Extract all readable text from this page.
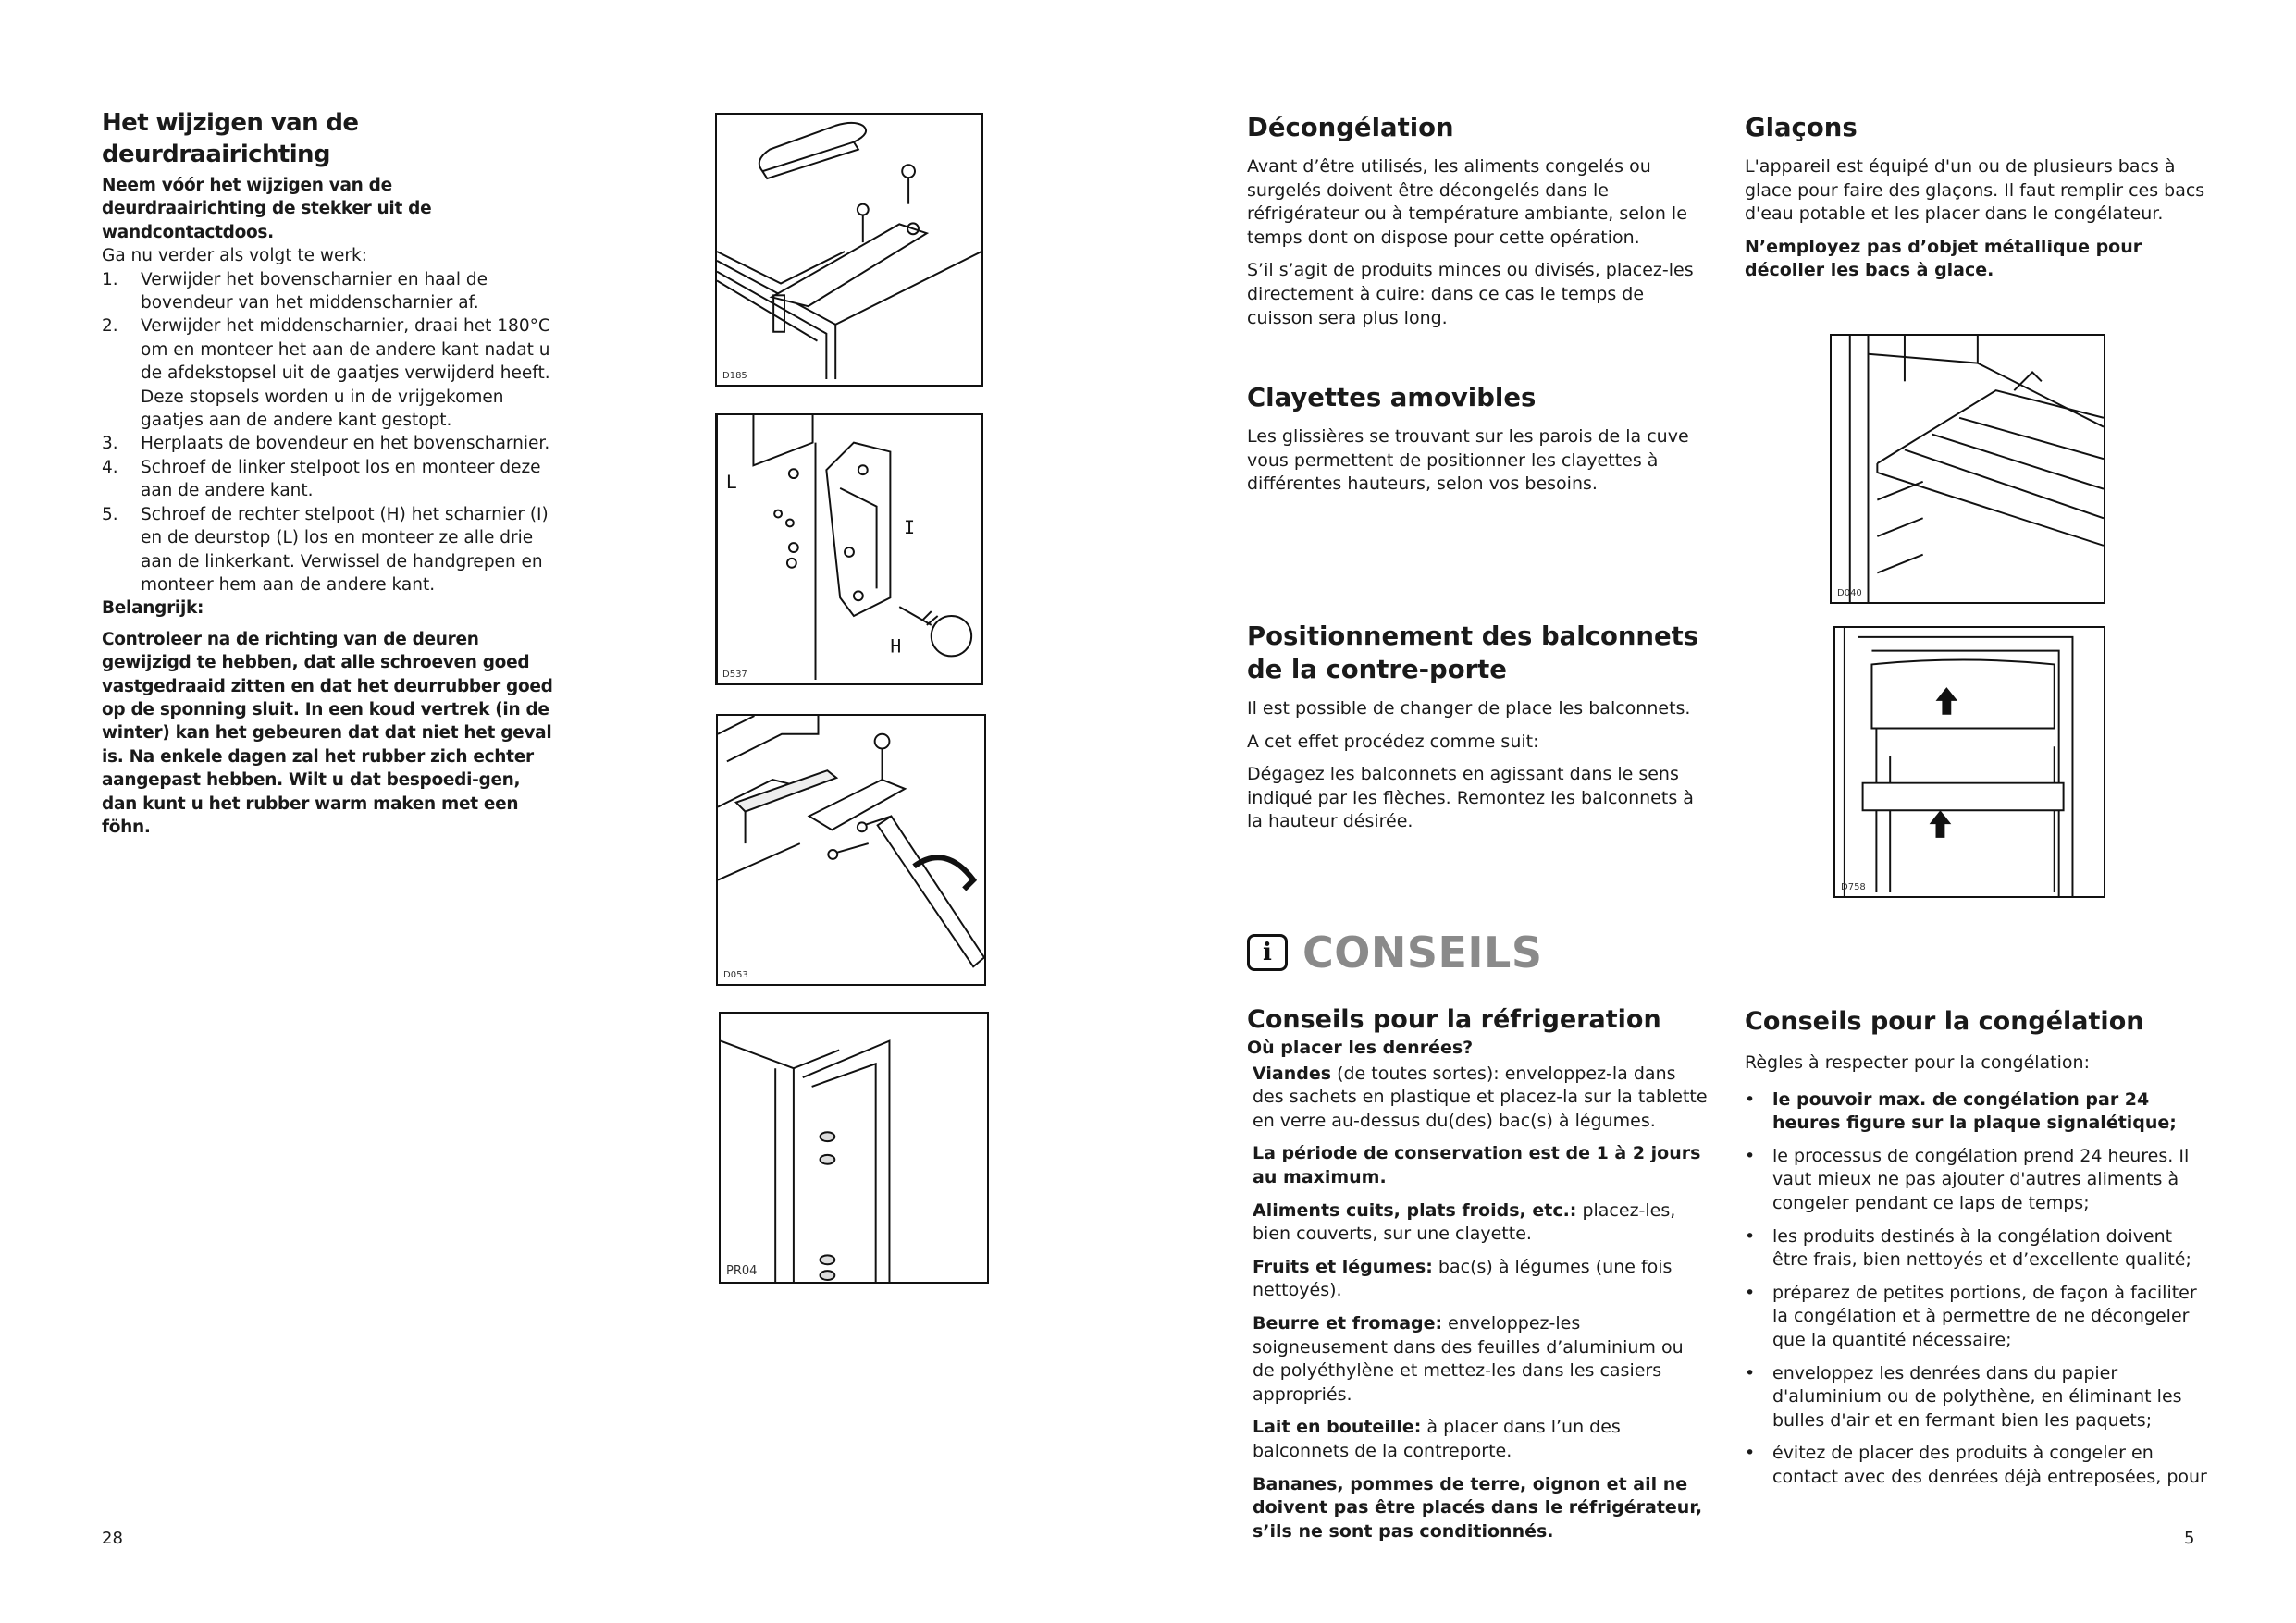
Het wijzigen van de deurdraairichting

Neem vóór het wijzigen van de deurdraairichting de stekker uit de wandcontactdoos.

Ga nu verder als volgt te werk:

1.	Verwijder het bovenscharnier en haal de bovendeur van het middenscharnier af.
2.	Verwijder het middenscharnier, draai het 180°C om en monteer het aan de andere kant nadat u de afdekstopsel uit de gaatjes verwijderd heeft. Deze stopsels worden u in de vrijgekomen gaatjes aan de andere kant gestopt.
3.	Herplaats de bovendeur en het bovenscharnier.
4.	Schroef de linker stelpoot los en monteer deze aan de andere kant.
5.	Schroef de rechter stelpoot (H) het scharnier (I) en de deurstop (L) los en monteer ze alle drie aan de linkerkant. Verwissel de handgrepen en monteer hem aan de andere kant.

Belangrijk:

Controleer na de richting van de deuren gewijzigd te hebben, dat alle schroeven goed vastgedraaid zitten en dat het deurrubber goed op de sponning sluit. In een koud vertrek (in de winter) kan het gebeuren dat dat niet het geval is. Na enkele dagen zal het rubber zich echter aangepast hebben. Wilt u dat bespoedi-gen, dan kunt u het rubber warm maken met een föhn.

D185
L
I
H
D537
D053
PR04
28
Décongélation

Avant d’être utilisés, les aliments congelés ou surgelés doivent être décongelés dans le réfrigérateur ou à température ambiante, selon le temps dont on dispose pour cette opération.

S’il s’agit de produits minces ou divisés, placez-les directement à cuire: dans ce cas le temps de cuisson sera plus long.

Clayettes amovibles

Les glissières se trouvant sur les parois de la cuve vous permettent de positionner les clayettes à différentes hauteurs, selon vos besoins.

Positionnement des balconnets de la contre-porte

Il est possible de changer de place les balconnets.

A cet effet procédez comme suit:

Dégagez les balconnets en agissant dans le sens indiqué par les flèches. Remontez les balconnets à la hauteur désirée.

Glaçons

L'appareil est équipé d'un ou de plusieurs bacs à glace pour faire des glaçons. Il faut remplir ces bacs d'eau potable et les placer dans le congélateur.

N’employez pas d’objet métallique pour décoller les bacs à glace.

D040
D758
i CONSEILS
Conseils pour la réfrigeration

Où placer les denrées?

Viandes (de toutes sortes): enveloppez-la dans des sachets en plastique et placez-la sur la tablette en verre au-dessus du(des) bac(s) à légumes.

La période de conservation est de 1 à 2 jours au maximum.

Aliments cuits, plats froids, etc.: placez-les, bien couverts, sur une clayette.

Fruits et légumes: bac(s) à légumes (une fois nettoyés).

Beurre et fromage: enveloppez-les soigneusement dans des feuilles d’aluminium ou de polyéthylène et mettez-les dans les casiers appropriés.

Lait en bouteille: à placer dans l’un des balconnets de la contreporte.

Bananes, pommes de terre, oignon et ail ne doivent pas être placés dans le réfrigérateur, s’ils ne sont pas conditionnés.

Conseils pour la congélation

Règles à respecter pour la congélation:

• le pouvoir max. de congélation par 24 heures figure sur la plaque signalétique;
• le processus de congélation prend 24 heures. Il vaut mieux ne pas ajouter d'autres aliments à congeler pendant ce laps de temps;
• les produits destinés à la congélation doivent être frais, bien nettoyés et d’excellente qualité;
• préparez de petites portions, de façon à faciliter la congélation et à permettre de ne décongeler que la quantité nécessaire;
• enveloppez les denrées dans du papier d'aluminium ou de polythène, en éliminant les bulles d'air et en fermant bien les paquets;
• évitez de placer des produits à congeler en contact avec des denrées déjà entreposées, pour
5
